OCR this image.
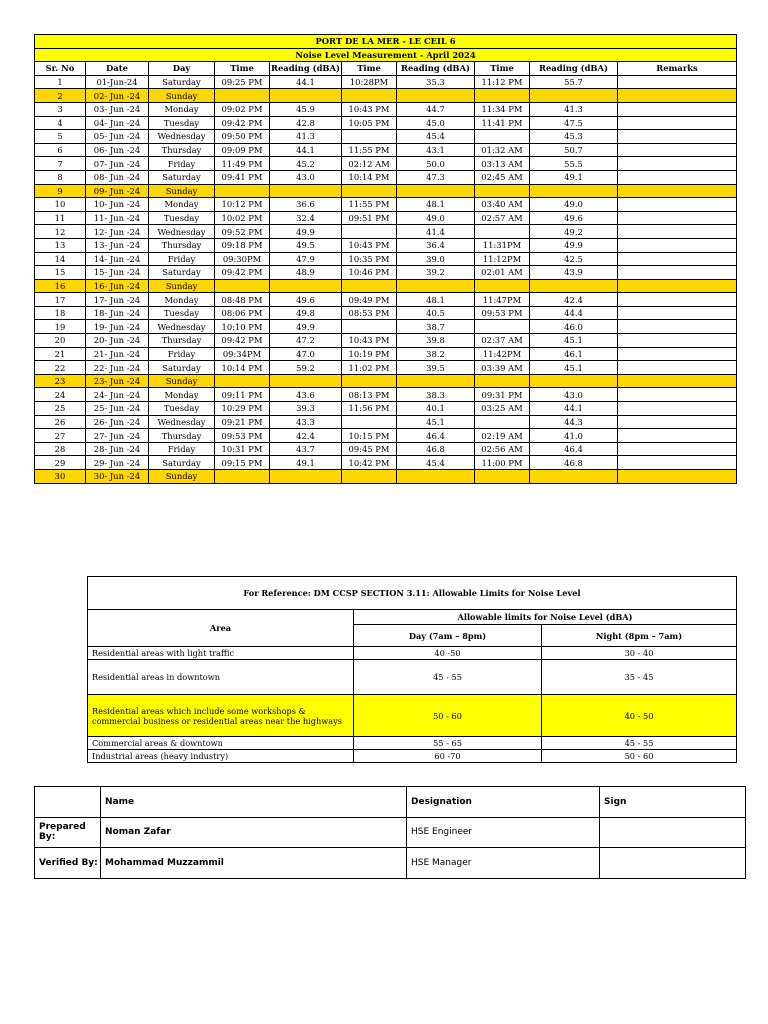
PORT DE LA MER - LE CEIL 6									
Noise Level Measurement - April 2024									
Sr. No	Date	Day	Time	Reading (dBA)	Time	Reading (dBA)	Time	Reading (dBA)	Remarks
1	01-Jun-24	Saturday	09:25 PM	44.1	10:28PM	35.3	11:12 PM	55.7	
2	02- Jun -24	Sunday							
3	03- Jun -24	Monday	09:02 PM	45.9	10:43 PM	44.7	11:34 PM	41.3	
4	04- Jun -24	Tuesday	09:42 PM	42.8	10:05 PM	45.0	11:41 PM	47.5	
5	05- Jun -24	Wednesday	09:50 PM	41.3		45.4		45.3	
6	06- Jun -24	Thursday	09:09 PM	44.1	11:55 PM	43.1	01:32 AM	50.7	
7	07- Jun -24	Friday	11:49 PM	45.2	02:12 AM	50.0	03:13 AM	55.5	
8	08- Jun -24	Saturday	09:41 PM	43.0	10:14 PM	47.3	02:45 AM	49.1	
9	09- Jun -24	Sunday							
10	10- Jun -24	Monday	10:12 PM	36.6	11:55 PM	48.1	03:40 AM	49.0	
11	11- Jun -24	Tuesday	10:02 PM	32.4	09:51 PM	49.0	02:57 AM	49.6	
12	12- Jun -24	Wednesday	09:52 PM	49.9		41.4		49.2	
13	13- Jun -24	Thursday	09:18 PM	49.5	10:43 PM	36.4	11:31PM	49.9	
14	14- Jun -24	Friday	09:30PM	47.9	10:35 PM	39.0	11:12PM	42.5	
15	15- Jun -24	Saturday	09:42 PM	48.9	10:46 PM	39.2	02:01 AM	43.9	
16	16- Jun -24	Sunday							
17	17- Jun -24	Monday	08:48 PM	49.6	09:49 PM	48.1	11:47PM	42.4	
18	18- Jun -24	Tuesday	08:06 PM	49.8	08:53 PM	40.5	09:53 PM	44.4	
19	19- Jun -24	Wednesday	10:10 PM	49.9		38.7		46.0	
20	20- Jun -24	Thursday	09:42 PM	47.2	10:43 PM	39.8	02:37 AM	45.1	
21	21- Jun -24	Friday	09:34PM	47.0	10:19 PM	38.2	11:42PM	46.1	
22	22- Jun -24	Saturday	10:14 PM	59.2	11:02 PM	39.5	03:39 AM	45.1	
23	23- Jun -24	Sunday							
24	24- Jun -24	Monday	09:11 PM	43.6	08:13 PM	38.3	09:31 PM	43.0	
25	25- Jun -24	Tuesday	10:29 PM	39.3	11:56 PM	40.1	03:25 AM	44.1	
26	26- Jun -24	Wednesday	09:21 PM	43.3		45.1		44.3	
27	27- Jun -24	Thursday	09:53 PM	42.4	10:15 PM	46.4	02:19 AM	41.0	
28	28- Jun -24	Friday	10:31 PM	43.7	09:45 PM	46.8	02:56 AM	46.4	
29	29- Jun -24	Saturday	09:15 PM	49.1	10:42 PM	45.4	11:00 PM	46.8	
30	30- Jun -24	Sunday							
For Reference: DM CCSP SECTION 3.11: Allowable Limits for Noise Level		
Area	Allowable limits for Noise Level (dBA)	
	Day (7am – 8pm)	Night (8pm – 7am)
Residential areas with light traffic	40 -50	30 - 40
Residential areas in downtown	45 - 55	35 - 45
Residential areas which include some workshops & commercial business or residential areas near the highways	50 - 60	40 - 50
Commercial areas & downtown	55 - 65	45 - 55
Industrial areas (heavy industry)	60 -70	50 - 60
	Name	Designation	Sign
Prepared By:	Noman Zafar	HSE Engineer	
Verified By:	Mohammad Muzzammil	HSE Manager	
